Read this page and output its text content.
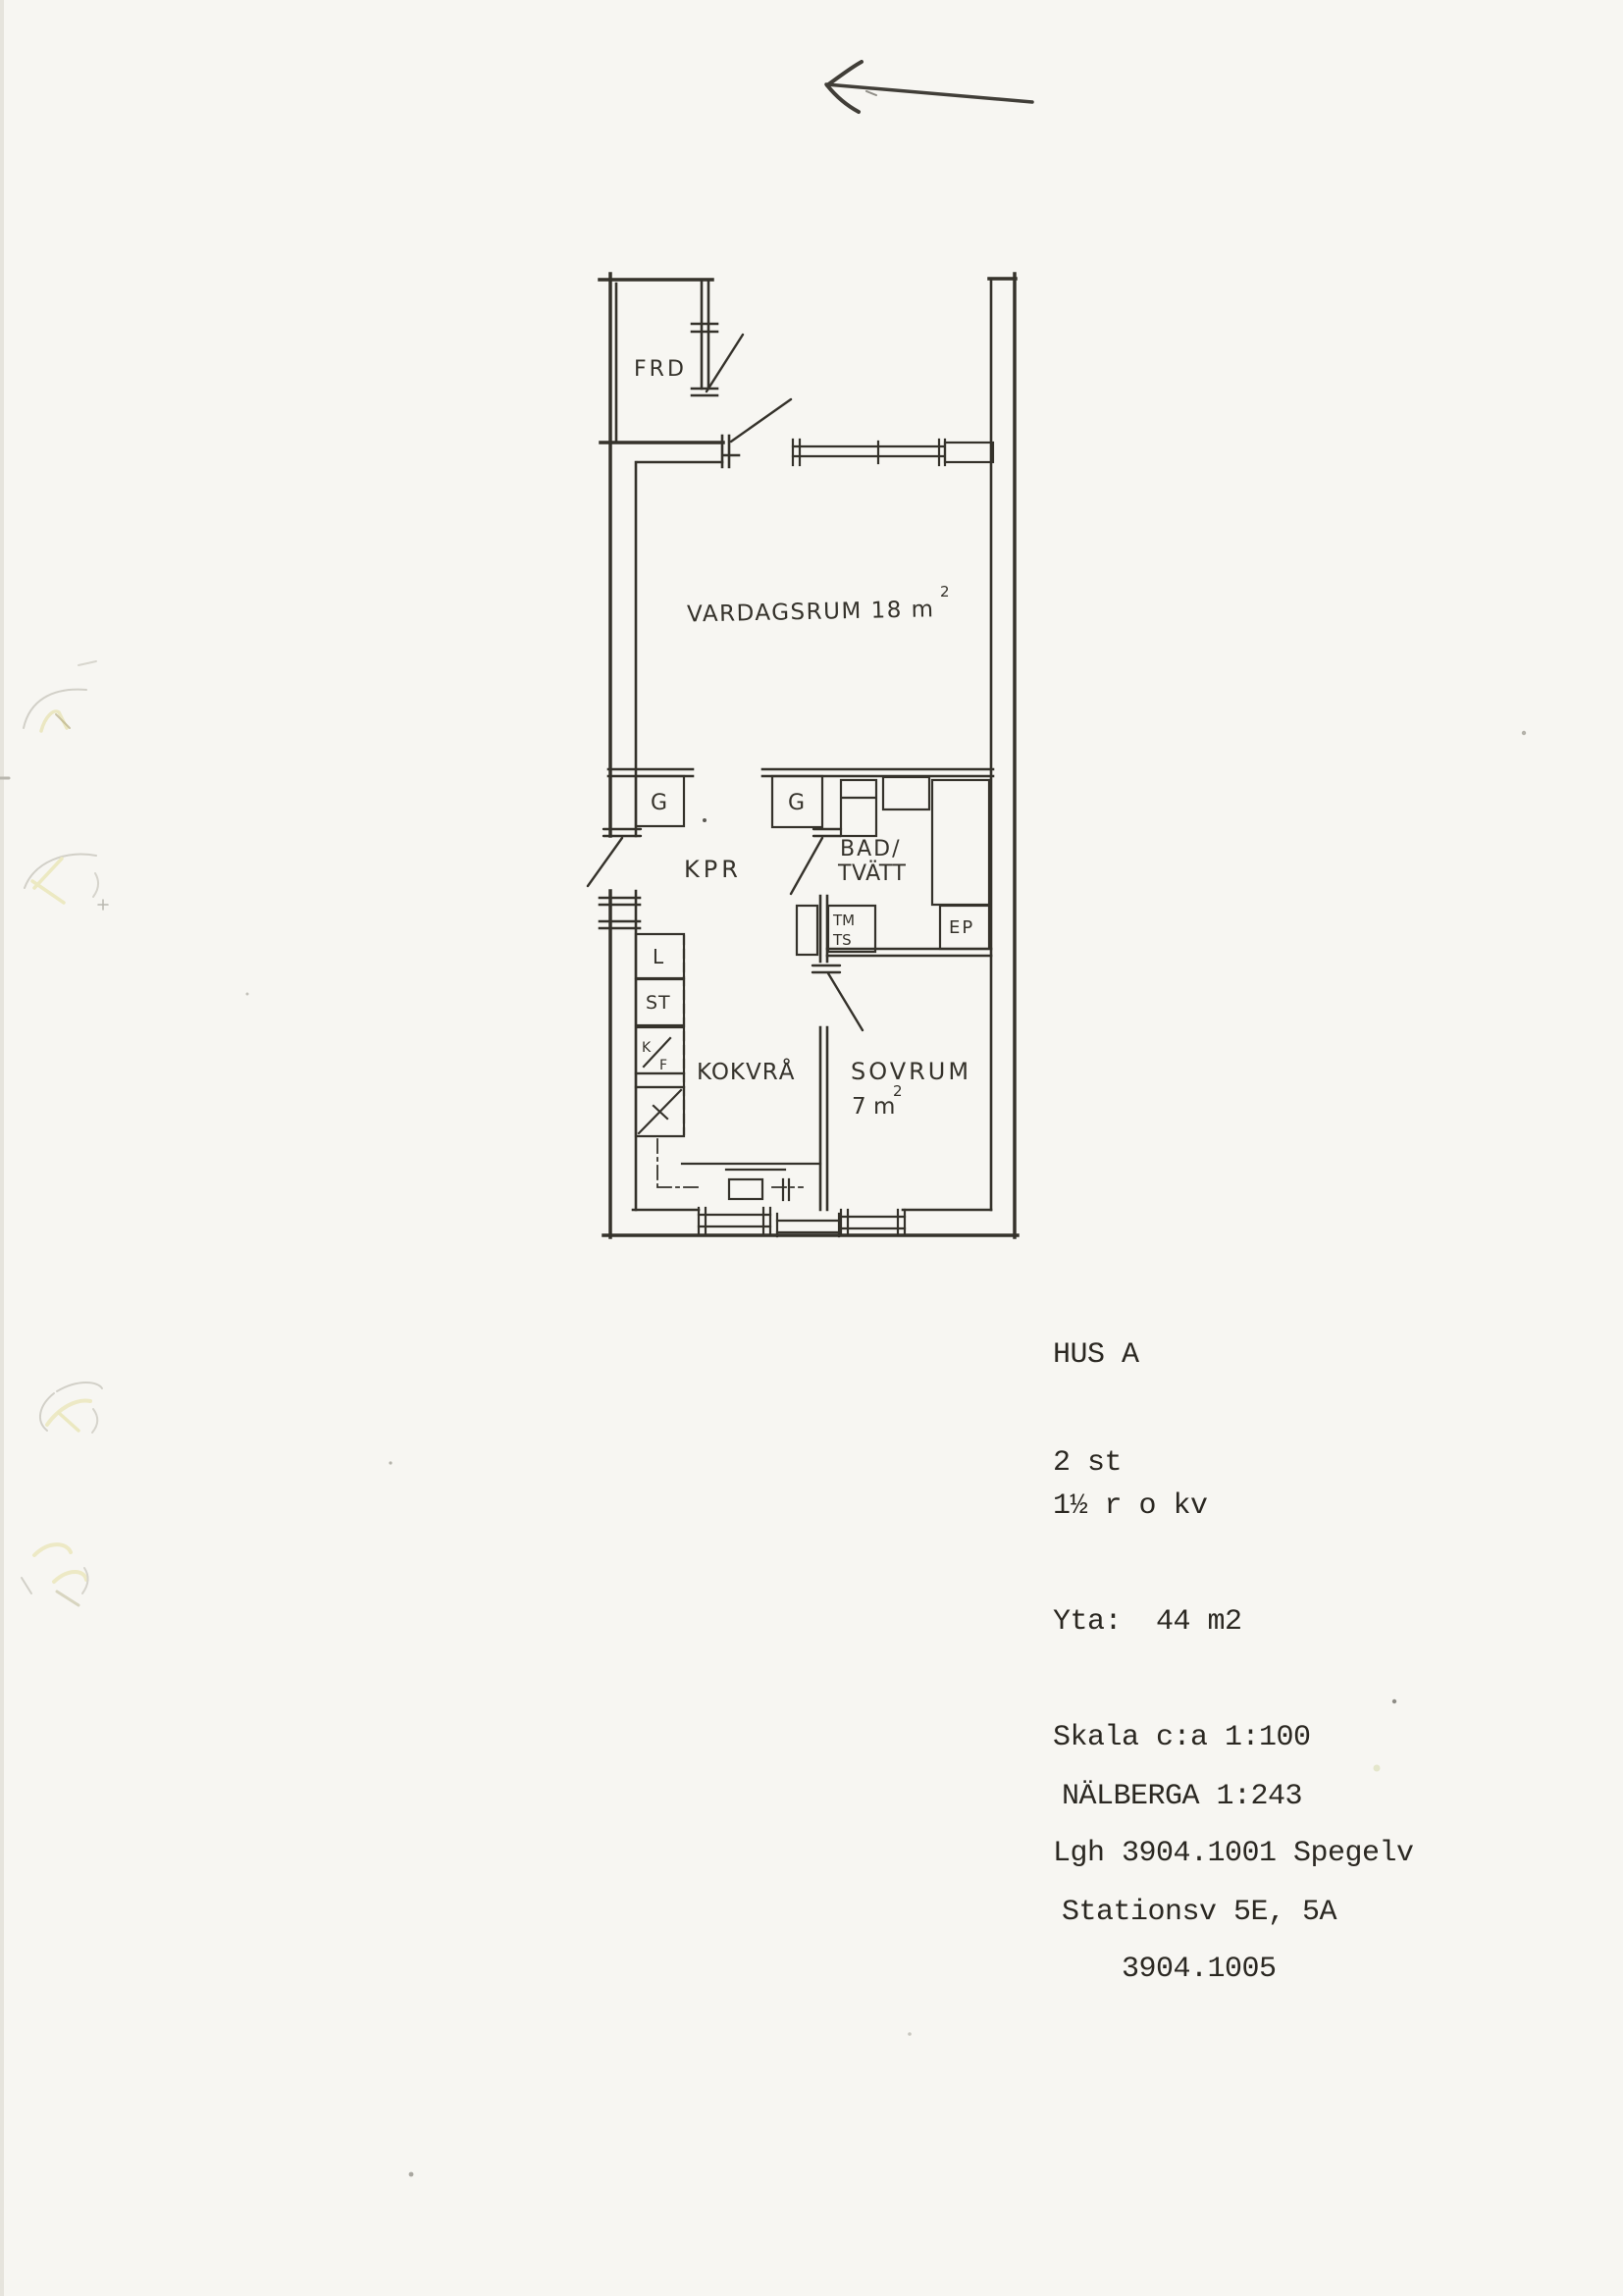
FRD
VARDAGSRUM 18 m
2
KPR
G	G
BAD/
TVÄTT
TM
TS
EP
L
ST
K
F KOKVRÅ SOVRUM
7 m
2

HUS A

2 st

1½ r o kv

Yta:  44 m2

Skala c:a 1:100

Lgh 3904.1001 Spegelv

3904.1005

NÄLBERGA 1:243

Stationsv 5E, 5A
